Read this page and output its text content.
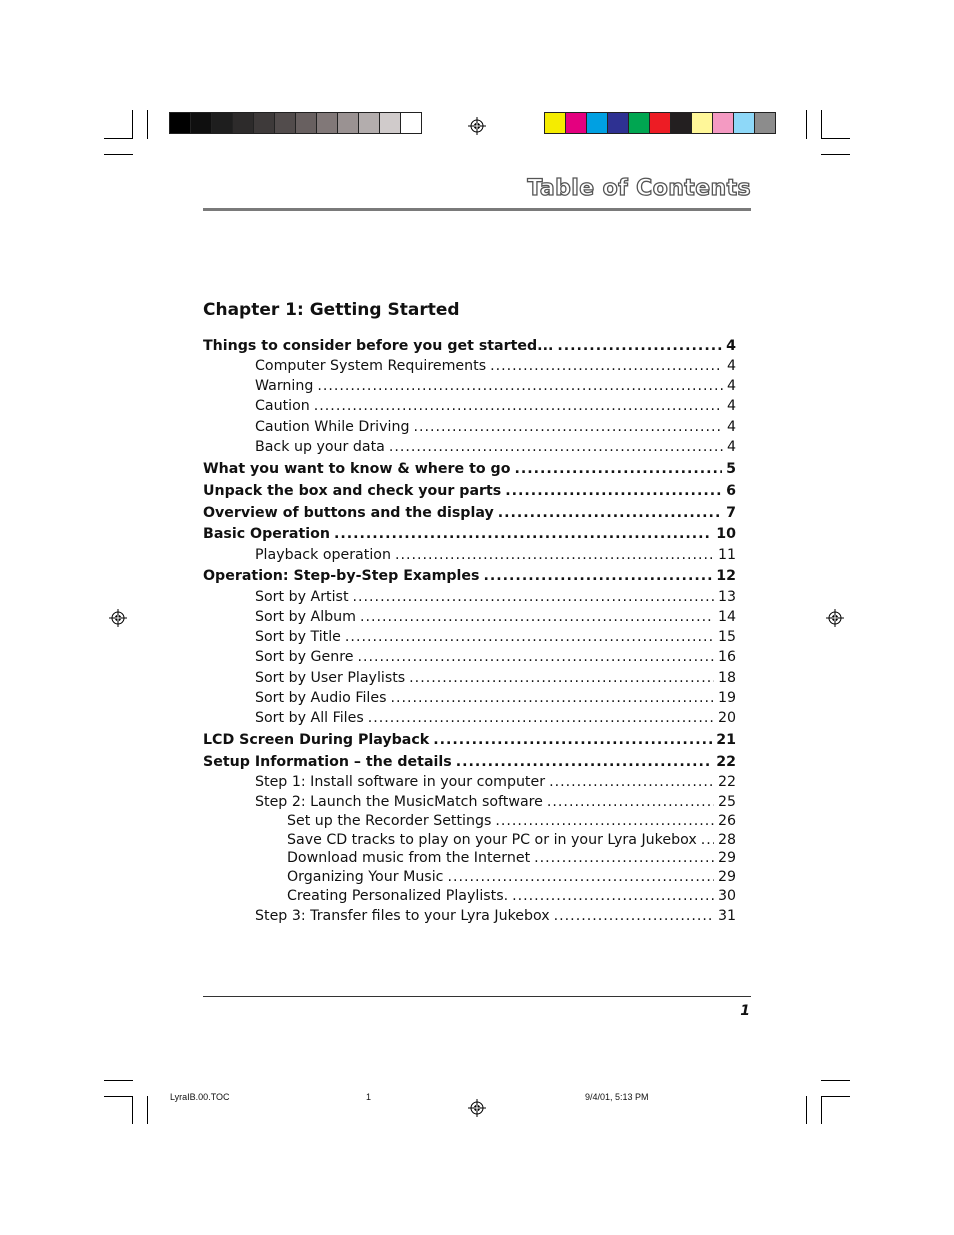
Table of Contents
Chapter 1: Getting Started
Things to consider before you get started... .....	4
Computer System Requirements .....	4
Warning .....	4
Caution .....	4
Caution While Driving .....	4
Back up your data .....	4
What you want to know & where to go .....	5
Unpack the box and check your parts .....	6
Overview of buttons and the display .....	7
Basic Operation .....	10
Playback operation .....	11
Operation: Step-by-Step Examples .....	12
Sort by Artist .....	13
Sort by Album .....	14
Sort by Title .....	15
Sort by Genre .....	16
Sort by User Playlists .....	18
Sort by Audio Files .....	19
Sort by All Files .....	20
LCD Screen During Playback .....	21
Setup Information – the details .....	22
Step 1: Install software in your computer .....	22
Step 2: Launch the MusicMatch software .....	25
Set up the Recorder Settings .....	26
Save CD tracks to play on your PC or in your Lyra Jukebox ..... 28
Download music from the Internet .....	29
Organizing Your Music .....	29
Creating Personalized Playlists. .....	30
Step 3: Transfer files to your Lyra Jukebox .....	31
1
LyraIB.00.TOC	1	9/4/01, 5:13 PM
